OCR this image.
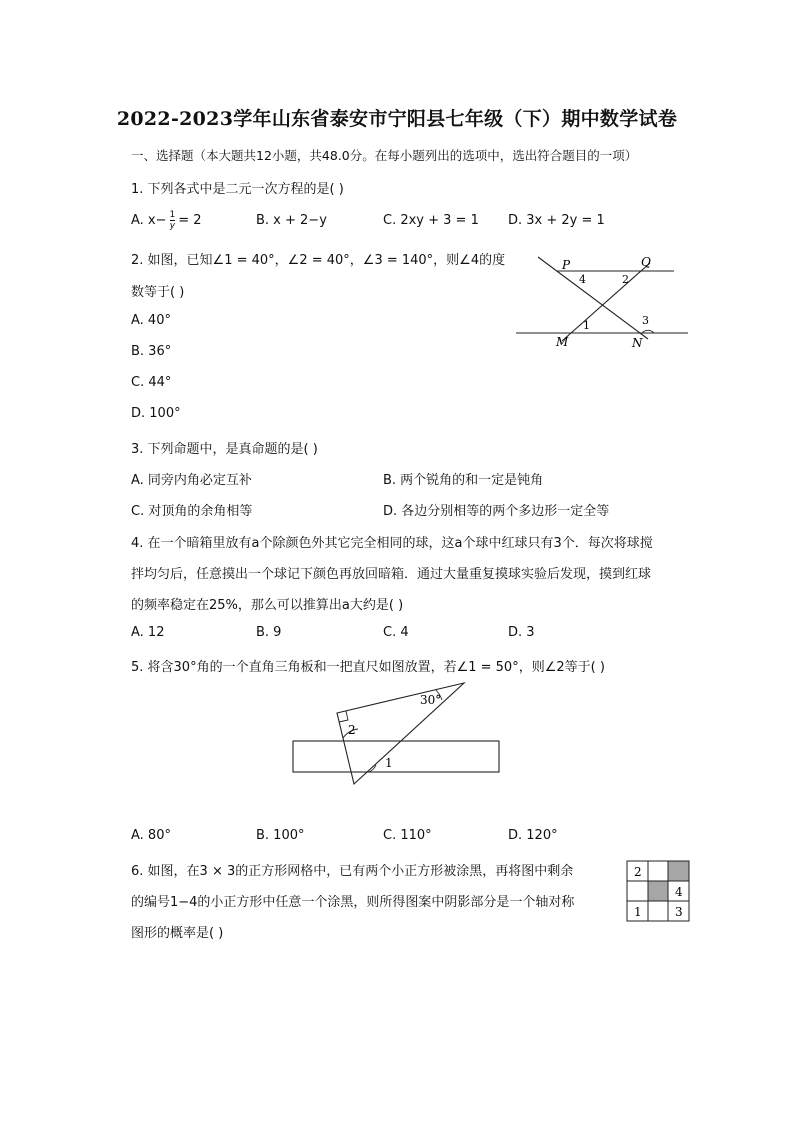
2022-2023学年山东省泰安市宁阳县七年级（下）期中数学试卷
一、选择题（本大题共12小题，共48.0分。在每小题列出的选项中，选出符合题目的一项）
1. 下列各式中是二元一次方程的是( )
A. $x- \frac{1}{y} = 2$	B. x + 2−y	C. 2xy + 3 = 1 D. 3x + 2y = 1
2. 如图，已知∠1 = 40°，∠2 = 40°，∠3 = 140°，则∠4的度
数等于( )
A. 40°
B. 36°
C. 44°
D. 100°
P	Q
M	N
4	2
1	3
3. 下列命题中，是真命题的是( )
A. 同旁内角必定互补	B. 两个锐角的和一定是钝角
C. 对顶角的余角相等	D. 各边分别相等的两个多边形一定全等
4. 在一个暗箱里放有a个除颜色外其它完全相同的球，这a个球中红球只有3个．每次将球搅
拌均匀后，任意摸出一个球记下颜色再放回暗箱．通过大量重复摸球实验后发现，摸到红球
的频率稳定在25%，那么可以推算出a大约是( )
A. 12	B. 9	C. 4	D. 3
5. 将含30°角的一个直角三角板和一把直尺如图放置，若∠1 = 50°，则∠2等于( )
30°
2
1
A. 80°	B. 100°	C. 110°	D. 120°
6. 如图，在3 × 3的正方形网格中，已有两个小正方形被涂黑，再将图中剩余
的编号1−4的小正方形中任意一个涂黑，则所得图案中阴影部分是一个轴对称
图形的概率是( )
2
4
1	3
